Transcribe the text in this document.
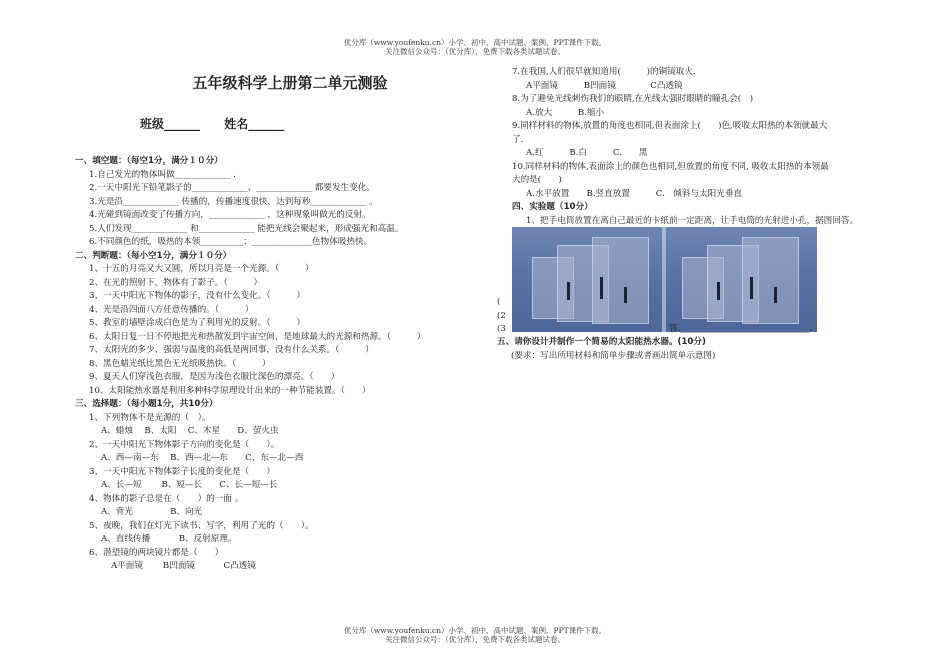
优分库（www.youfenku.cn）小学、初中、高中试题、案例、PPT课件下载。
关注微信公众号：（优分库），免费下载各类试题试卷。
五年级科学上册第二单元测验
班级______ 姓名______
一、填空题：（每空1分，满分１０分）
1.自己发光的物体叫做_____________ .
2.一天中阳光下铅笔影子的_____________、_____________ 都要发生变化。
3.光是沿_____________ 传播的，传播速度很快，达到每秒_____________ 。
4.光碰到镜面改变了传播方向，_____________ ，这种现象叫做光的反射。
5.人们发现_____________ 和_____________ 能把光线会聚起来，形成强光和高温。
6.不同颜色的纸，吸热的本领__________；______________色物体吸热快。
二、判断题：（每小空1分，满分１０分）
1、十五的月亮又大又圆，所以月亮是一个光源。（　　　）
2、在光的照射下，物体有了影子。（　　　）
3、一天中阳光下物体的影子，没有什么变化。（　　　）
4、光是沿四面八方任意传播的。（　　　）
5、教室的墙壁涂成白色是为了利用光的反射。（　　　）
6、太阳日复一日不停地把光和热散发到宇宙空间，是地球最大的光源和热源。（　　　）
7、太阳光的多少、强弱与温度的高低是两回事，没有什么关系。（　　　）
8、黑色蜡光纸比黑色无光纸吸热快。（　　　）
9、夏天人们穿浅色衣服，是因为浅色衣服比深色的漂亮。（　　）
10、太阳能热水器是利用多种科学原理设计出来的一种节能装置。（　　）
三、选择题：（每小题1分，共10分）
1、下列物体不是光源的（　）。
A、蜡烛　 B、太阳　 C、木星　　D、萤火虫
2、一天中阳光下物体影子方向的变化是（　　）。
A、西—南—东　 B、西—北—东　　C、东—北—西
3、一天中阳光下物体影子长度的变化是（　　）
A、长—短　　 B、短—长　　C、长—短—长
4、物体的影子总是在（　　）的一面 。
A、背光　　　　 B、向光
5、夜晚，我们在灯光下读书、写字，利用了光的（　　）。
A、直线传播　　　 B、反射原理。
6、潜望镜的两块镜片都是（　　）
A平面镜　　 B凹面镜　　　 C凸透镜
7.在我国,人们很早就知道用(　　　)的铜镜取火.
A平面镜　　　B凹面镜　　　　C凸透镜
8.为了避免光线刺伤我们的眼睛,在光线太强时眼睛的瞳孔会(　)
A.放大　　　B.缩小
9.同样材料的物体,放置的角度也相同,但表面涂上(　　)色,吸收太阳热的本领就最大
了.
A.红　　　B.白　　　C.　　黑
10.同样材料的物体,表面涂上的颜色也相同,但放置的角度不同, 吸收太阳热的本领最
大的是(　　)
A.水平放置　　B.竖直放置　　　C.　倾斜与太阳光垂直
四、实验题（10分）
1、把手电筒放置在离自己最近的卡纸前一定距离，让手电筒的光射进小孔，据图回答。
(
(2
(3　　　　　　　　　　　　　　　　　　　答.______________________________.
五、请你设计并制作一个简易的太阳能热水器。(10分)
(要求：写出所用材料和简单步骤或者画出简单示意图)
优分库（www.youfenku.cn）小学、初中、高中试题、案例、PPT课件下载。
关注微信公众号：（优分库），免费下载各类试题试卷。
